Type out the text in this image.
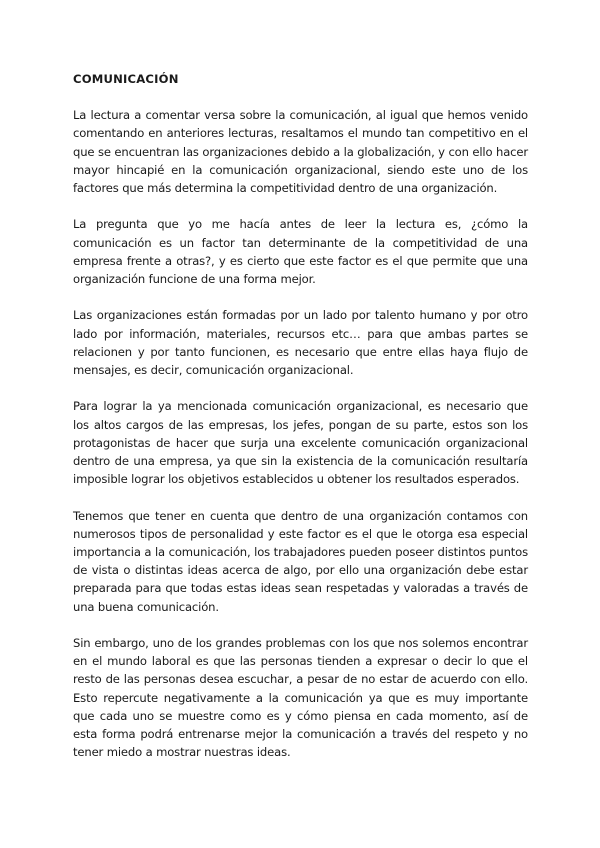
COMUNICACIÓN

La lectura a comentar versa sobre la comunicación, al igual que hemos venido comentando en anteriores lecturas, resaltamos el mundo tan competitivo en el que se encuentran las organizaciones debido a la globalización, y con ello hacer mayor hincapié en la comunicación organizacional, siendo este uno de los factores que más determina la competitividad dentro de una organización.

La pregunta que yo me hacía antes de leer la lectura es, ¿cómo la comunicación es un factor tan determinante de la competitividad de una empresa frente a otras?, y es cierto que este factor es el que permite que una organización funcione de una forma mejor.

Las organizaciones están formadas por un lado por talento humano y por otro lado por información, materiales, recursos etc… para que ambas partes se relacionen y por tanto funcionen, es necesario que entre ellas haya flujo de mensajes, es decir, comunicación organizacional.

Para lograr la ya mencionada comunicación organizacional, es necesario que los altos cargos de las empresas, los jefes, pongan de su parte, estos son los protagonistas de hacer que surja una excelente comunicación organizacional dentro de una empresa, ya que sin la existencia de la comunicación resultaría imposible lograr los objetivos establecidos u obtener los resultados esperados.

Tenemos que tener en cuenta que dentro de una organización contamos con numerosos tipos de personalidad y este factor es el que le otorga esa especial importancia a la comunicación, los trabajadores pueden poseer distintos puntos de vista o distintas ideas acerca de algo, por ello una organización debe estar preparada para que todas estas ideas sean respetadas y valoradas a través de una buena comunicación.

Sin embargo, uno de los grandes problemas con los que nos solemos encontrar en el mundo laboral es que las personas tienden a expresar o decir lo que el resto de las personas desea escuchar, a pesar de no estar de acuerdo con ello. Esto repercute negativamente a la comunicación ya que es muy importante que cada uno se muestre como es y cómo piensa en cada momento, así de esta forma podrá entrenarse mejor la comunicación a través del respeto y no tener miedo a mostrar nuestras ideas.
